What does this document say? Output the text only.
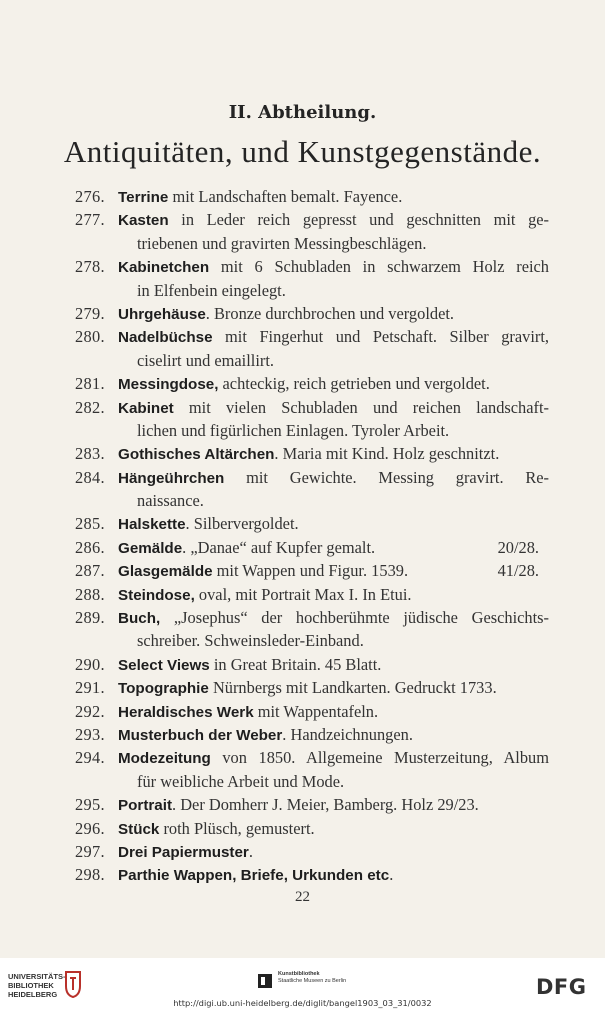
II. Abtheilung.
Antiquitäten, und Kunstgegenstände.
276. Terrine mit Landschaften bemalt. Fayence.
277. Kasten in Leder reich gepresst und geschnitten mit ge-
triebenen und gravirten Messingbeschlägen.
278. Kabinetchen mit 6 Schubladen in schwarzem Holz reich
in Elfenbein eingelegt.
279. Uhrgehäuse. Bronze durchbrochen und vergoldet.
280. Nadelbüchse mit Fingerhut und Petschaft. Silber gravirt,
ciselirt und emaillirt.
281. Messingdose, achteckig, reich getrieben und vergoldet.
282. Kabinet mit vielen Schubladen und reichen landschaft-
lichen und figürlichen Einlagen. Tyroler Arbeit.
283. Gothisches Altärchen. Maria mit Kind. Holz geschnitzt.
284. Hängeührchen mit Gewichte. Messing gravirt. Re-
naissance.
285. Halskette. Silbervergoldet.
286. Gemälde. „Danae“ auf Kupfer gemalt.	20/28.
287. Glasgemälde mit Wappen und Figur. 1539.	41/28.
288. Steindose, oval, mit Portrait Max I. In Etui.
289. Buch, „Josephus“ der hochberühmte jüdische Geschichts-
schreiber. Schweinsleder-Einband.
290. Select Views in Great Britain. 45 Blatt.
291. Topographie Nürnbergs mit Landkarten. Gedruckt 1733.
292. Heraldisches Werk mit Wappentafeln.
293. Musterbuch der Weber. Handzeichnungen.
294. Modezeitung von 1850. Allgemeine Musterzeitung, Album
für weibliche Arbeit und Mode.
295. Portrait. Der Domherr J. Meier, Bamberg. Holz 29/23.
296. Stück roth Plüsch, gemustert.
297. Drei Papiermuster.
298. Parthie Wappen, Briefe, Urkunden etc.
22
UNIVERSITÄTS-
BIBLIOTHEK
HEIDELBERG
Kunstbibliothek
Staatliche Museen zu Berlin
http://digi.ub.uni-heidelberg.de/diglit/bangel1903_03_31/0032
DFG
